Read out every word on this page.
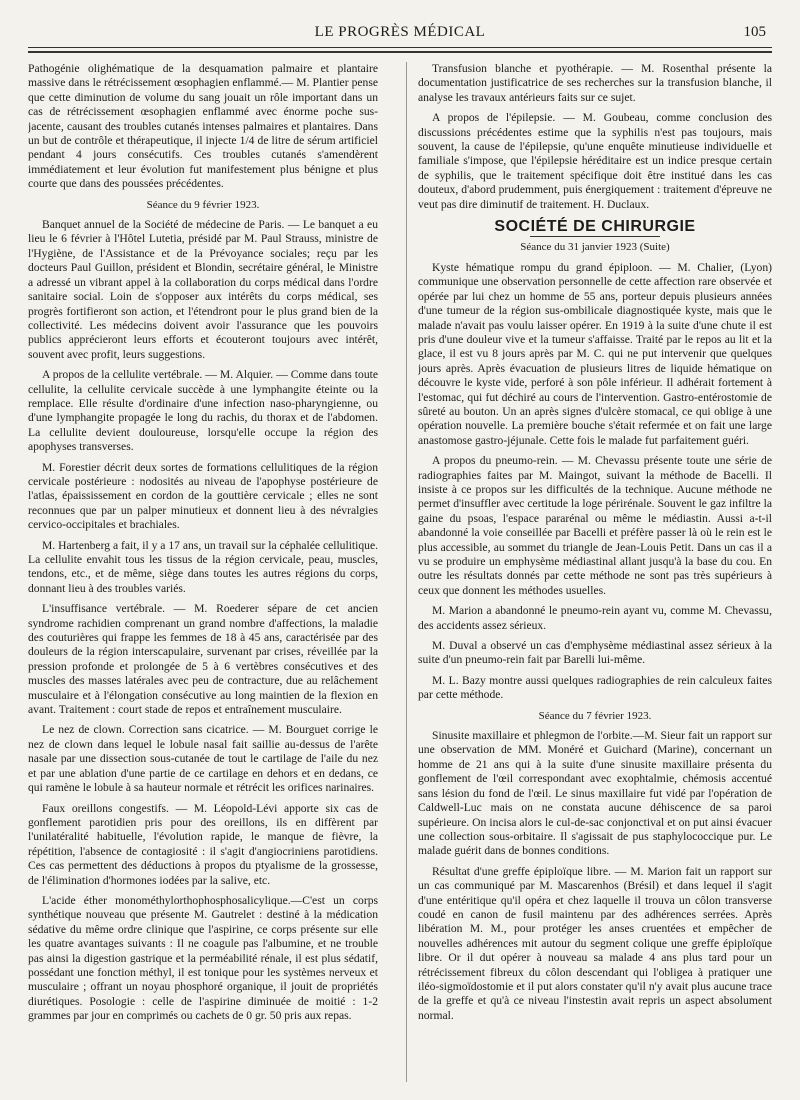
LE PROGRÈS MÉDICAL	105

Pathogénie olighématique de la desquamation palmaire et plantaire massive dans le rétrécissement œsophagien enflammé.— M. Plantier pense que cette diminution de volume du sang jouait un rôle important dans un cas de rétrécissement œsophagien enflammé avec énorme poche sus-jacente, causant des troubles cutanés intenses palmaires et plantaires. Dans un but de contrôle et thérapeutique, il injecte 1/4 de litre de sérum artificiel pendant 4 jours consécutifs. Ces troubles cutanés s'amendèrent immédiatement et leur évolution fut manifestement plus bénigne et plus courte que dans des poussées précédentes.

Séance du 9 février 1923.

Banquet annuel de la Société de médecine de Paris. — Le banquet a eu lieu le 6 février à l'Hôtel Lutetia, présidé par M. Paul Strauss, ministre de l'Hygiène, de l'Assistance et de la Prévoyance sociales; reçu par les docteurs Paul Guillon, président et Blondin, secrétaire général, le Ministre a adressé un vibrant appel à la collaboration du corps médical dans l'ordre sanitaire social. Loin de s'opposer aux intérêts du corps médical, ses progrès fortifieront son action, et l'étendront pour le plus grand bien de la collectivité. Les médecins doivent avoir l'assurance que les pouvoirs publics apprécieront leurs efforts et écouteront toujours avec intérêt, souvent avec profit, leurs suggestions.

A propos de la cellulite vertébrale. — M. Alquier. — Comme dans toute cellulite, la cellulite cervicale succède à une lymphangite éteinte ou la remplace. Elle résulte d'ordinaire d'une infection naso-pharyngienne, ou d'une lymphangite propagée le long du rachis, du thorax et de l'abdomen. La cellulite devient douloureuse, lorsqu'elle occupe la région des apophyses transverses.

M. Forestier décrit deux sortes de formations cellulitiques de la région cervicale postérieure : nodosités au niveau de l'apophyse postérieure de l'atlas, épaississement en cordon de la gouttière cervicale ; elles ne sont reconnues que par un palper minutieux et donnent lieu à des névralgies cervico-occipitales et brachiales.

M. Hartenberg a fait, il y a 17 ans, un travail sur la céphalée cellulitique. La cellulite envahit tous les tissus de la région cervicale, peau, muscles, tendons, etc., et de même, siège dans toutes les autres régions du corps, donnant lieu à des troubles variés.

L'insuffisance vertébrale. — M. Roederer sépare de cet ancien syndrome rachidien comprenant un grand nombre d'affections, la maladie des couturières qui frappe les femmes de 18 à 45 ans, caractérisée par des douleurs de la région interscapulaire, survenant par crises, réveillée par la pression profonde et prolongée de 5 à 6 vertèbres consécutives et des muscles des masses latérales avec peu de contracture, due au relâchement musculaire et à l'élongation consécutive au long maintien de la flexion en avant. Traitement : court stade de repos et entraînement musculaire.

Le nez de clown. Correction sans cicatrice. — M. Bourguet corrige le nez de clown dans lequel le lobule nasal fait saillie au-dessus de l'arête nasale par une dissection sous-cutanée de tout le cartilage de l'aile du nez et par une ablation d'une partie de ce cartilage en dehors et en dedans, ce qui ramène le lobule à sa hauteur normale et rétrécit les orifices narinaires.

Faux oreillons congestifs. — M. Léopold-Lévi apporte six cas de gonflement parotidien pris pour des oreillons, ils en diffèrent par l'unilatéralité habituelle, l'évolution rapide, le manque de fièvre, la répétition, l'absence de contagiosité : il s'agit d'angiocriniens parotidiens. Ces cas permettent des déductions à propos du ptyalisme de la grossesse, de l'élimination d'hormones iodées par la salive, etc.

L'acide éther monométhylorthophosphosalicylique.—C'est un corps synthétique nouveau que présente M. Gautrelet : destiné à la médication sédative du même ordre clinique que l'aspirine, ce corps présente sur elle les quatre avantages suivants : Il ne coagule pas l'albumine, et ne trouble pas ainsi la digestion gastrique et la perméabilité rénale, il est plus sédatif, possédant une fonction méthyl, il est tonique pour les systèmes nerveux et musculaire ; offrant un noyau phosphoré organique, il jouit de propriétés diurétiques. Posologie : celle de l'aspirine diminuée de moitié : 1-2 grammes par jour en comprimés ou cachets de 0 gr. 50 pris aux repas.

Transfusion blanche et pyothérapie. — M. Rosenthal présente la documentation justificatrice de ses recherches sur la transfusion blanche, il analyse les travaux antérieurs faits sur ce sujet.

A propos de l'épilepsie. — M. Goubeau, comme conclusion des discussions précédentes estime que la syphilis n'est pas toujours, mais souvent, la cause de l'épilepsie, qu'une enquête minutieuse individuelle et familiale s'impose, que l'épilepsie héréditaire est un indice presque certain de syphilis, que le traitement spécifique doit être institué dans les cas douteux, d'abord prudemment, puis énergiquement : traitement d'épreuve ne veut pas dire diminutif de traitement. H. Duclaux.

SOCIÉTÉ DE CHIRURGIE

Séance du 31 janvier 1923 (Suite)

Kyste hématique rompu du grand épiploon. — M. Chalier, (Lyon) communique une observation personnelle de cette affection rare observée et opérée par lui chez un homme de 55 ans, porteur depuis plusieurs années d'une tumeur de la région sus-ombilicale diagnostiquée kyste, mais que le malade n'avait pas voulu laisser opérer. En 1919 à la suite d'une chute il est pris d'une douleur vive et la tumeur s'affaisse. Traité par le repos au lit et la glace, il est vu 8 jours après par M. C. qui ne put intervenir que quelques jours après. Après évacuation de plusieurs litres de liquide hématique on découvre le kyste vide, perforé à son pôle inférieur. Il adhérait fortement à l'estomac, qui fut déchiré au cours de l'intervention. Gastro-entérostomie de sûreté au bouton. Un an après signes d'ulcère stomacal, ce qui oblige à une opération nouvelle. La première bouche s'était refermée et on fait une large anastomose gastro-jéjunale. Cette fois le malade fut parfaitement guéri.

A propos du pneumo-rein. — M. Chevassu présente toute une série de radiographies faites par M. Maingot, suivant la méthode de Bacelli. Il insiste à ce propos sur les difficultés de la technique. Aucune méthode ne permet d'insuffler avec certitude la loge périrénale. Souvent le gaz infiltre la gaine du psoas, l'espace pararénal ou même le médiastin. Aussi a-t-il abandonné la voie conseillée par Bacelli et préfère passer là où le rein est le plus accessible, au sommet du triangle de Jean-Louis Petit. Dans un cas il a vu se produire un emphysème médiastinal allant jusqu'à la base du cou. En outre les résultats donnés par cette méthode ne sont pas très supérieurs à ceux que donnent les méthodes usuelles.

M. Marion a abandonné le pneumo-rein ayant vu, comme M. Chevassu, des accidents assez sérieux.

M. Duval a observé un cas d'emphysème médiastinal assez sérieux à la suite d'un pneumo-rein fait par Barelli lui-même.

M. L. Bazy montre aussi quelques radiographies de rein calculeux faites par cette méthode.

Séance du 7 février 1923.

Sinusite maxillaire et phlegmon de l'orbite.—M. Sieur fait un rapport sur une observation de MM. Monéré et Guichard (Marine), concernant un homme de 21 ans qui à la suite d'une sinusite maxillaire présenta du gonflement de l'œil correspondant avec exophtalmie, chémosis accentué sans lésion du fond de l'œil. Le sinus maxillaire fut vidé par l'opération de Caldwell-Luc mais on ne constata aucune déhiscence de sa paroi supérieure. On incisa alors le cul-de-sac conjonctival et on put ainsi évacuer une collection sous-orbitaire. Il s'agissait de pus staphylococcique pur. Le malade guérit dans de bonnes conditions.

Résultat d'une greffe épiploïque libre. — M. Marion fait un rapport sur un cas communiqué par M. Mascarenhos (Brésil) et dans lequel il s'agit d'une entéritique qu'il opéra et chez laquelle il trouva un côlon transverse coudé en canon de fusil maintenu par des adhérences serrées. Après libération M. M., pour protéger les anses cruentées et empêcher de nouvelles adhérences mit autour du segment colique une greffe épiploïque libre. Or il dut opérer à nouveau sa malade 4 ans plus tard pour un rétrécissement fibreux du côlon descendant qui l'obligea à pratiquer une iléo-sigmoïdostomie et il put alors constater qu'il n'y avait plus aucune trace de la greffe et qu'à ce niveau l'instestin avait repris un aspect absolument normal.
